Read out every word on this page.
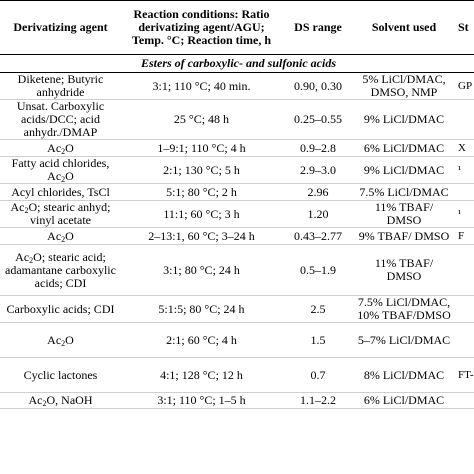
	Derivatizing agent	Reaction conditions: Ratio derivatizing agent/AGU; Temp. °C; Reaction time, h	DS range	Solvent used	St
Esters of carboxylic- and sulfonic acids					
	Diketene; Butyric anhydride	3:1; 110 °C; 40 min.	0.90, 0.30	5% LiCl/DMAC, DMSO, NMP	GP
	Unsat. Carboxylic acids/DCC; acid anhydr./DMAP	25 °C; 48 h	0.25–0.55	9% LiCl/DMAC	
	$Ac_2O$	1–9:1; 110 °C; 4 h	0.9–2.8	6% LiCl/DMAC	X
	Fatty acid chlorides, $Ac_2O$	2:1; 130 °C; 5 h	2.9–3.0	9% LiCl/DMAC	¹
	Acyl chlorides, TsCl	5:1; 80 °C; 2 h	2.96	7.5% LiCl/DMAC	
	$Ac_2O$; stearic anhyd; vinyl acetate	11:1; 60 °C; 3 h	1.20	11% TBAF/ DMSO	¹
	$Ac_2O$	2–13:1, 60 °C; 3–24 h	0.43–2.77	9% TBAF/ DMSO	F
	$Ac_2O$; stearic acid; adamantane carboxylic acids; CDI	3:1; 80 °C; 24 h	0.5–1.9	11% TBAF/ DMSO	
	Carboxylic acids; CDI	5:1:5; 80 °C; 24 h	2.5	7.5% LiCl/DMAC, 10% TBAF/DMSO	
	$Ac_2O$	2:1; 60 °C; 4 h	1.5	5–7% LiCl/DMAC	
	Cyclic lactones	4:1; 128 °C; 12 h	0.7	8% LiCl/DMAC	FT-
	$Ac_2O$, NaOH	3:1; 110 °C; 1–5 h	1.1–2.2	6% LiCl/DMAC	
